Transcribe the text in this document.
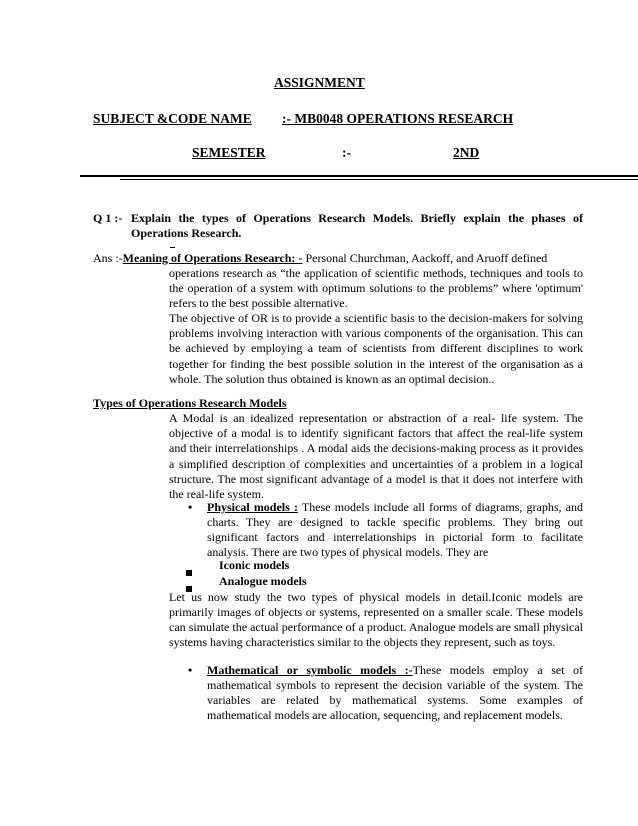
ASSIGNMENT
SUBJECT &CODE NAME :- MB0048 OPERATIONS RESEARCH
SEMESTER	:-	2ND
Q 1 :- Explain the types of Operations Research Models. Briefly explain the phases of
Operations Research.
Ans :-Meaning of Operations Research: - Personal Churchman, Aackoff, and Aruoff defined
operations research as “the application of scientific methods, techniques and tools to the operation of a system with optimum solutions to the problems” where 'optimum' refers to the best possible alternative.
The objective of OR is to provide a scientific basis to the decision-makers for solving problems involving interaction with various components of the organisation. This can be achieved by employing a team of scientists from different disciplines to work together for finding the best possible solution in the interest of the organisation as a whole. The solution thus obtained is known as an optimal decision..
Types of Operations Research Models
A Modal is an idealized representation or abstraction of a real- life system. The objective of a modal is to identify significant factors that affect the real-life system and their interrelationships . A modal aids the decisions-making process as it provides a simplified description of complexities and uncertainties of a problem in a logical structure. The most significant advantage of a model is that it does not interfere with the real-life system.
• Physical models : These models include all forms of diagrams, graphs, and charts. They are designed to tackle specific problems. They bring out significant factors and interrelationships in pictorial form to facilitate analysis. There are two types of physical models. They are
Iconic models
Analogue models
Let us now study the two types of physical models in detail.Iconic models are primarily images of objects or systems, represented on a smaller scale. These models can simulate the actual performance of a product. Analogue models are small physical systems having characteristics similar to the objects they represent, such as toys.
• Mathematical or symbolic models :-These models employ a set of mathematical symbols to represent the decision variable of the system. The variables are related by mathematical systems. Some examples of mathematical models are allocation, sequencing, and replacement models.
